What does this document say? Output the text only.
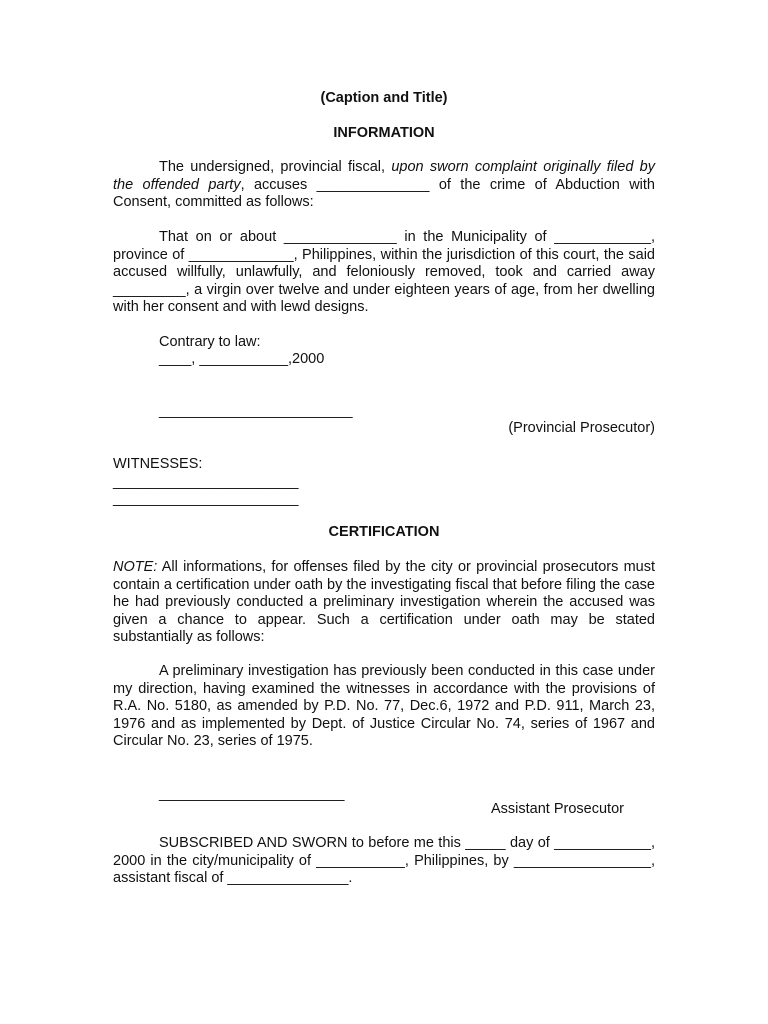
(Caption and Title)
INFORMATION
The undersigned, provincial fiscal, upon sworn complaint originally filed by the offended party, accuses ______________ of the crime of Abduction with Consent, committed as follows:
That on or about ______________ in the Municipality of ____________, province of _____________, Philippines, within the jurisdiction of this court, the said accused willfully, unlawfully, and feloniously removed, took and carried away _________, a virgin over twelve and under eighteen years of age, from her dwelling with her consent and with lewd designs.
Contrary to law:
____, ___________,2000
________________________
(Provincial Prosecutor)
WITNESSES:
_______________________
_______________________
CERTIFICATION
NOTE: All informations, for offenses filed by the city or provincial prosecutors must contain a certification under oath by the investigating fiscal that before filing the case he had previously conducted a preliminary investigation wherein the accused was given a chance to appear. Such a certification under oath may be stated substantially as follows:
A preliminary investigation has previously been conducted in this case under my direction, having examined the witnesses in accordance with the provisions of R.A. No. 5180, as amended by P.D. No. 77, Dec.6, 1972 and P.D. 911, March 23, 1976 and as implemented by Dept. of Justice Circular No. 74, series of 1967 and Circular No. 23, series of 1975.
_______________________
Assistant Prosecutor
SUBSCRIBED AND SWORN to before me this _____ day of ____________, 2000 in the city/municipality of ___________, Philippines, by _________________, assistant fiscal of _______________.
